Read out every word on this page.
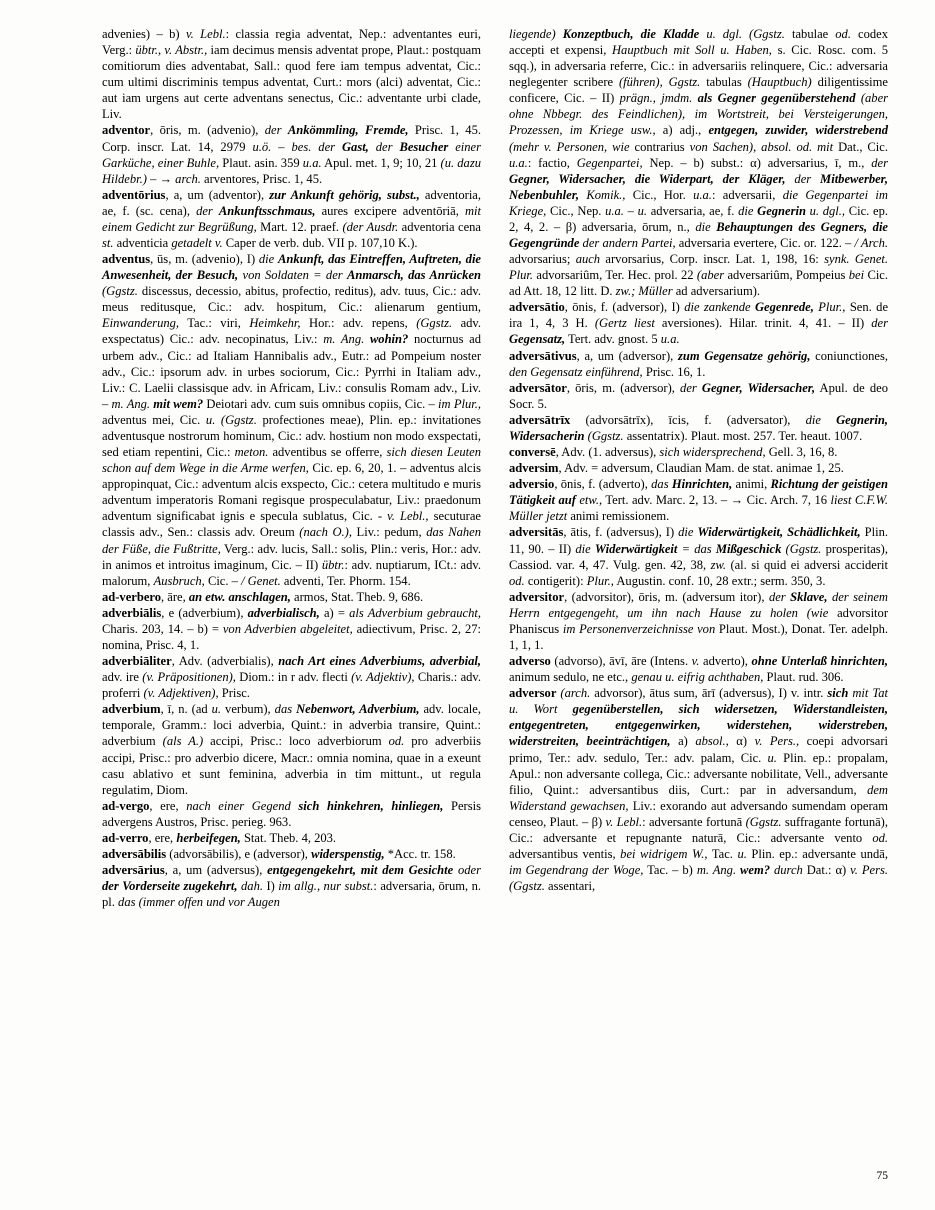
advenies) – b) v. Lebl.: classia regia adventat, Nep.: adventantes euri, Verg.: übtr., v. Abstr., iam decimus mensis adventat prope, Plaut.: postquam comitiorum dies adventabat, Sall.: quod fere iam tempus adventat, Cic.: cum ultimi discriminis tempus adventat, Curt.: mors (alci) adventat, Cic.: aut iam urgens aut certe adventans senectus, Cic.: adventante urbi clade, Liv.

adventor, ōris, m. (advenio), der Ankömmling, Fremde, Prisc. 1, 45. Corp. inscr. Lat. 14, 2979 u.ö. – bes. der Gast, der Besucher einer Garküche, einer Buhle, Plaut. asin. 359 u.a. Apul. met. 1, 9; 10, 21 (u. dazu Hildebr.) – → arch. arventores, Prisc. 1, 45.

adventōrius, a, um (adventor), zur Ankunft gehörig, subst., adventoria, ae, f. (sc. cena), der Ankunftsschmaus, aures excipere adventōriā, mit einem Gedicht zur Begrüßung, Mart. 12. praef. (der Ausdr. adventoria cena st. adventicia getadelt v. Caper de verb. dub. VII p. 107,10 K.).

adventus, ūs, m. (advenio), I) die Ankunft, das Eintreffen, Auftreten, die Anwesenheit, der Besuch, von Soldaten = der Anmarsch, das Anrücken (Ggstz. discessus, decessio, abitus, profectio, reditus), adv. tuus, Cic.: adv. meus reditusque, Cic.: adv. hospitum, Cic.: alienarum gentium, Einwanderung, Tac.: viri, Heimkehr, Hor.: adv. repens, (Ggstz. adv. exspectatus) Cic.: adv. necopinatus, Liv.: m. Ang. wohin? nocturnus ad urbem adv., Cic.: ad Italiam Hannibalis adv., Eutr.: ad Pompeium noster adv., Cic.: ipsorum adv. in urbes sociorum, Cic.: Pyrrhi in Italiam adv., Liv.: C. Laelii classisque adv. in Africam, Liv.: consulis Romam adv., Liv. – m. Ang. mit wem? Deiotari adv. cum suis omnibus copiis, Cic. – im Plur., adventus mei, Cic. u. (Ggstz. profectiones meae), Plin. ep.: invitationes adventusque nostrorum hominum, Cic.: adv. hostium non modo exspectati, sed etiam repentini, Cic.: meton. adventibus se offerre, sich diesen Leuten schon auf dem Wege in die Arme werfen, Cic. ep. 6, 20, 1. – adventus alcis appropinquat, Cic.: adventum alcis exspecto, Cic.: cetera multitudo e muris adventum imperatoris Romani regisque prospeculabatur, Liv.: praedonum adventum significabat ignis e specula sublatus, Cic. - v. Lebl., secuturae classis adv., Sen.: classis adv. Oreum (nach O.), Liv.: pedum, das Nahen der Füße, die Fußtritte, Verg.: adv. lucis, Sall.: solis, Plin.: veris, Hor.: adv. in animos et introitus imaginum, Cic. – II) übtr.: adv. nuptiarum, ICt.: adv. malorum, Ausbruch, Cic. – / Genet. adventi, Ter. Phorm. 154.

ad-verbero, āre, an etw. anschlagen, armos, Stat. Theb. 9, 686.

adverbiālis, e (adverbium), adverbialisch, a) = als Adverbium gebraucht, Charis. 203, 14. – b) = von Adverbien abgeleitet, adiectivum, Prisc. 2, 27: nomina, Prisc. 4, 1.

adverbiāliter, Adv. (adverbialis), nach Art eines Adverbiums, adverbial, adv. ire (v. Präpositionen), Diom.: in r adv. flecti (v. Adjektiv), Charis.: adv. proferri (v. Adjektiven), Prisc.

adverbium, ī, n. (ad u. verbum), das Nebenwort, Adverbium, adv. locale, temporale, Gramm.: loci adverbia, Quint.: in adverbia transire, Quint.: adverbium (als A.) accipi, Prisc.: loco adverbiorum od. pro adverbiis accipi, Prisc.: pro adverbio dicere, Macr.: omnia nomina, quae in a exeunt casu ablativo et sunt feminina, adverbia in tim mittunt., ut regula regulatim, Diom.

ad-vergo, ere, nach einer Gegend sich hinkehren, hinliegen, Persis advergens Austros, Prisc. perieg. 963.

ad-verro, ere, herbeifegen, Stat. Theb. 4, 203.

adversābilis (advorsābilis), e (adversor), widerspenstig, *Acc. tr. 158.

adversārius, a, um (adversus), entgegengekehrt, mit dem Gesichte oder der Vorderseite zugekehrt, dah. I) im allg., nur subst.: adversaria, ōrum, n. pl. das (immer offen und vor Augen

liegende) Konzeptbuch, die Kladde u. dgl. (Ggstz. tabulae od. codex accepti et expensi, Hauptbuch mit Soll u. Haben, s. Cic. Rosc. com. 5 sqq.), in adversaria referre, Cic.: in adversariis relinquere, Cic.: adversaria neglegenter scribere (führen), Ggstz. tabulas (Hauptbuch) diligentissime conficere, Cic. – II) prägn., jmdm. als Gegner gegenüberstehend (aber ohne Nbbegr. des Feindlichen), im Wortstreit, bei Versteigerungen, Prozessen, im Kriege usw., a) adj., entgegen, zuwider, widerstrebend (mehr v. Personen, wie contrarius von Sachen), absol. od. mit Dat., Cic. u.a.: factio, Gegenpartei, Nep. – b) subst.: α) adversarius, ī, m., der Gegner, Widersacher, die Widerpart, der Kläger, der Mitbewerber, Nebenbuhler, Komik., Cic., Hor. u.a.: adversarii, die Gegenpartei im Kriege, Cic., Nep. u.a. – u. adversaria, ae, f. die Gegnerin u. dgl., Cic. ep. 2, 4, 2. – β) adversaria, ōrum, n., die Behauptungen des Gegners, die Gegengründe der andern Partei, adversaria evertere, Cic. or. 122. – / Arch. advorsarius; auch arvorsarius, Corp. inscr. Lat. 1, 198, 16: synk. Genet. Plur. advorsariûm, Ter. Hec. prol. 22 (aber adversariûm, Pompeius bei Cic. ad Att. 18, 12 litt. D. zw.; Müller ad adversarium).

adversātio, ōnis, f. (adversor), I) die zankende Gegenrede, Plur., Sen. de ira 1, 4, 3 H. (Gertz liest aversiones). Hilar. trinit. 4, 41. – II) der Gegensatz, Tert. adv. gnost. 5 u.a.

adversātivus, a, um (adversor), zum Gegensatze gehörig, coniunctiones, den Gegensatz einführend, Prisc. 16, 1.

adversātor, ōris, m. (adversor), der Gegner, Widersacher, Apul. de deo Socr. 5.

adversātrīx (advorsātrīx), īcis, f. (adversator), die Gegnerin, Widersacherin (Ggstz. assentatrix). Plaut. most. 257. Ter. heaut. 1007.

conversē, Adv. (1. adversus), sich widersprechend, Gell. 3, 16, 8.

adversim, Adv. = adversum, Claudian Mam. de stat. animae 1, 25.

adversio, ōnis, f. (adverto), das Hinrichten, animi, Richtung der geistigen Tätigkeit auf etw., Tert. adv. Marc. 2, 13. – → Cic. Arch. 7, 16 liest C.F.W. Müller jetzt animi remissionem.

adversitās, ātis, f. (adversus), I) die Widerwärtigkeit, Schädlichkeit, Plin. 11, 90. – II) die Widerwärtigkeit = das Mißgeschick (Ggstz. prosperitas), Cassiod. var. 4, 47. Vulg. gen. 42, 38, zw. (al. si quid ei adversi acciderit od. contigerit): Plur., Augustin. conf. 10, 28 extr.; serm. 350, 3.

adversitor, (advorsitor), ōris, m. (adversum itor), der Sklave, der seinem Herrn entgegengeht, um ihn nach Hause zu holen (wie advorsitor Phaniscus im Personenverzeichnisse von Plaut. Most.), Donat. Ter. adelph. 1, 1, 1.

adverso (advorso), āvī, āre (Intens. v. adverto), ohne Unterlaß hinrichten, animum sedulo, ne etc., genau u. eifrig achthaben, Plaut. rud. 306.

adversor (arch. advorsor), ātus sum, ārī (adversus), I) v. intr. sich mit Tat u. Wort gegenüberstellen, sich widersetzen, Widerstandleisten, entgegentreten, entgegenwirken, widerstehen, widerstreben, widerstreiten, beeinträchtigen, a) absol., α) v. Pers., coepi advorsari primo, Ter.: adv. sedulo, Ter.: adv. palam, Cic. u. Plin. ep.: propalam, Apul.: non adversante collega, Cic.: adversante nobilitate, Vell., adversante filio, Quint.: adversantibus diis, Curt.: par in adversandum, dem Widerstand gewachsen, Liv.: exorando aut adversando sumendam operam censeo, Plaut. – β) v. Lebl.: adversante fortunā (Ggstz. suffragante fortunā), Cic.: adversante et repugnante naturā, Cic.: adversante vento od. adversantibus ventis, bei widrigem W., Tac. u. Plin. ep.: adversante undā, im Gegendrang der Woge, Tac. – b) m. Ang. wem? durch Dat.: α) v. Pers. (Ggstz. assentari,

75
